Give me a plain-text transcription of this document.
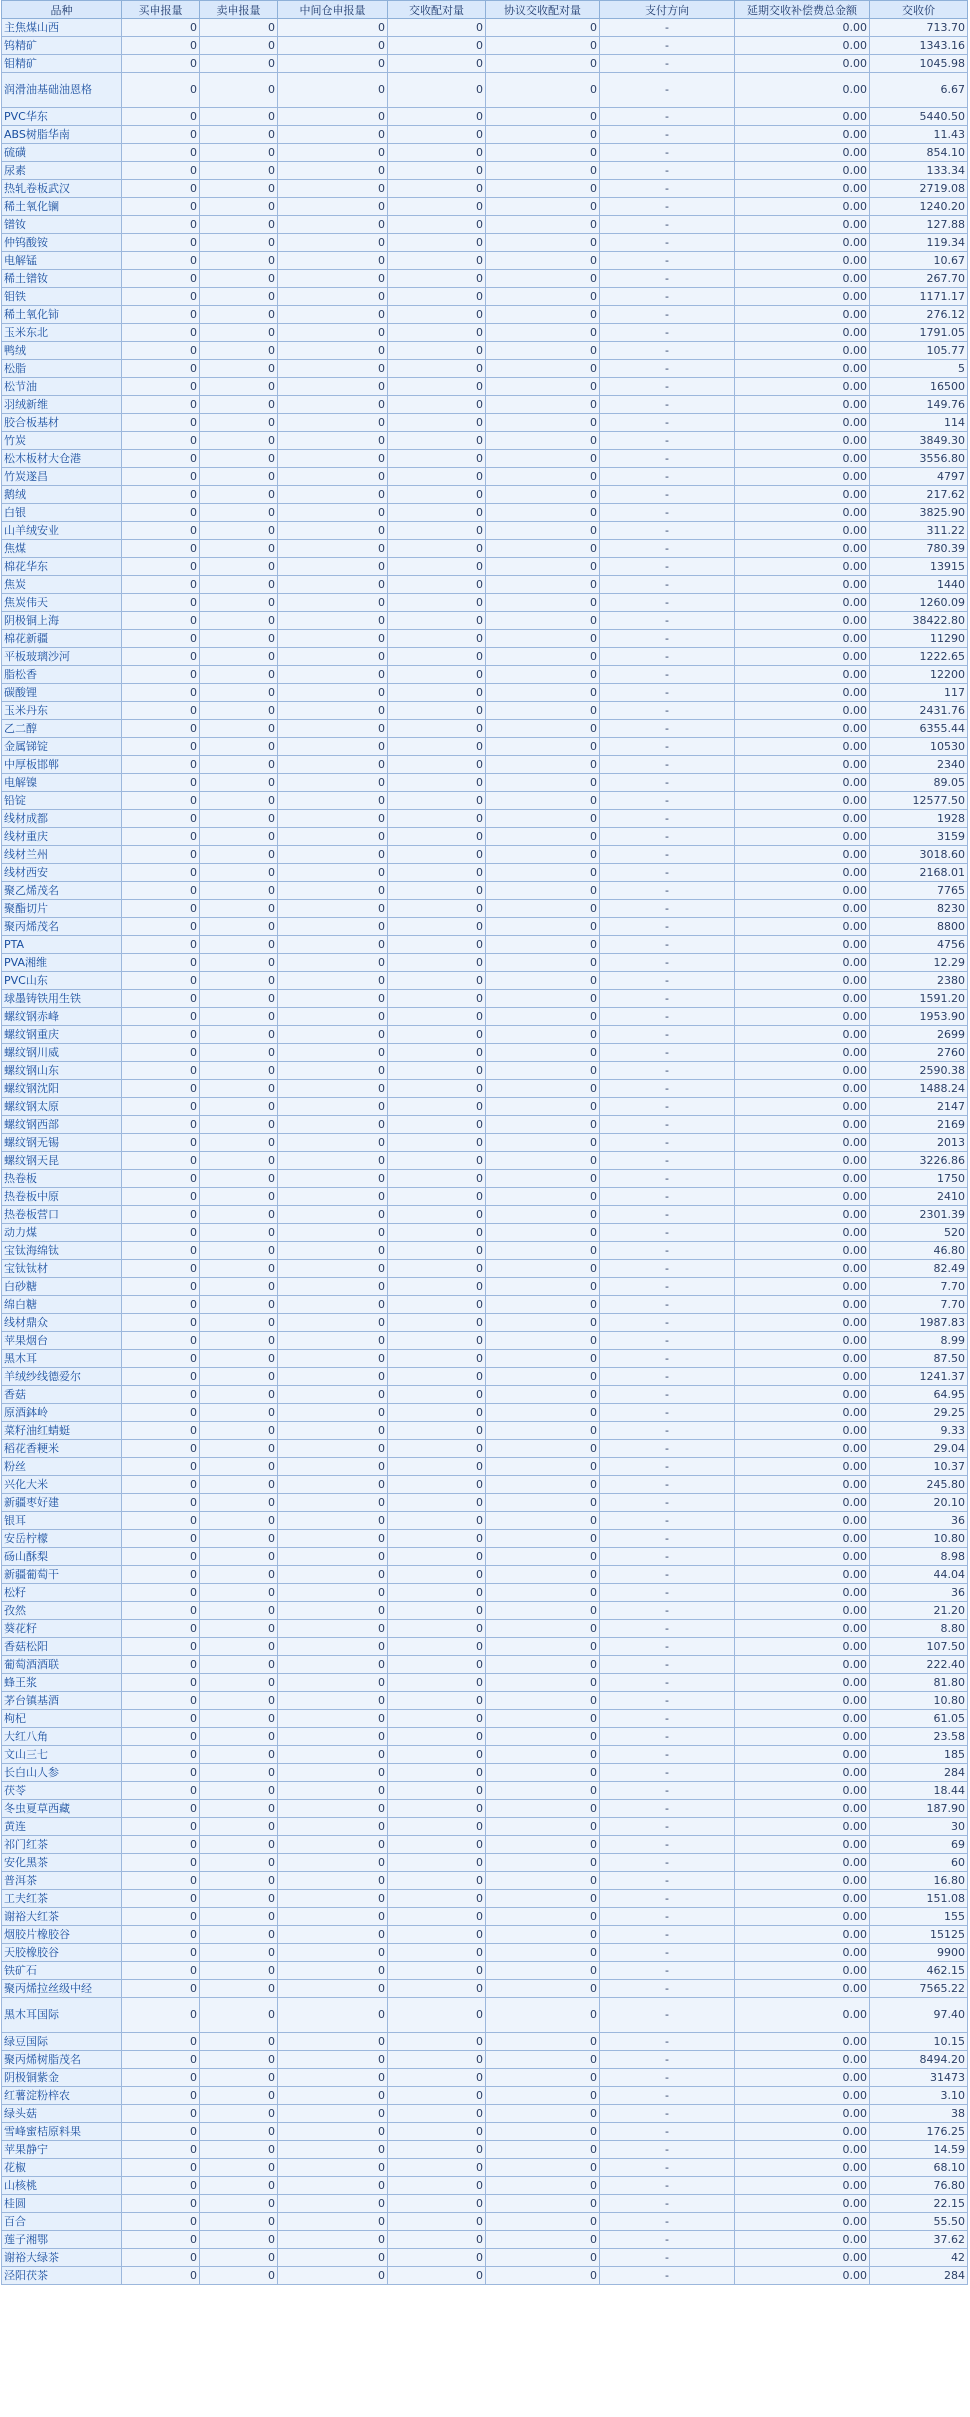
品种	买申报量	卖申报量	中间仓申报量	交收配对量	协议交收配对量	支付方向	延期交收补偿费总金额	交收价
主焦煤山西	0	0	0	0	0	-	0.00	713.70
钨精矿	0	0	0	0	0	-	0.00	1343.16
钼精矿	0	0	0	0	0	-	0.00	1045.98
润滑油基础油恩格	0	0	0	0	0	-	0.00	6.67
PVC华东	0	0	0	0	0	-	0.00	5440.50
ABS树脂华南	0	0	0	0	0	-	0.00	11.43
硫磺	0	0	0	0	0	-	0.00	854.10
尿素	0	0	0	0	0	-	0.00	133.34
热轧卷板武汉	0	0	0	0	0	-	0.00	2719.08
稀土氧化镧	0	0	0	0	0	-	0.00	1240.20
镨钕	0	0	0	0	0	-	0.00	127.88
仲钨酸铵	0	0	0	0	0	-	0.00	119.34
电解锰	0	0	0	0	0	-	0.00	10.67
稀土镨钕	0	0	0	0	0	-	0.00	267.70
钼铁	0	0	0	0	0	-	0.00	1171.17
稀土氧化铈	0	0	0	0	0	-	0.00	276.12
玉米东北	0	0	0	0	0	-	0.00	1791.05
鸭绒	0	0	0	0	0	-	0.00	105.77
松脂	0	0	0	0	0	-	0.00	5
松节油	0	0	0	0	0	-	0.00	16500
羽绒新维	0	0	0	0	0	-	0.00	149.76
胶合板基材	0	0	0	0	0	-	0.00	114
竹炭	0	0	0	0	0	-	0.00	3849.30
松木板材大仓港	0	0	0	0	0	-	0.00	3556.80
竹炭遂昌	0	0	0	0	0	-	0.00	4797
鹅绒	0	0	0	0	0	-	0.00	217.62
白银	0	0	0	0	0	-	0.00	3825.90
山羊绒安业	0	0	0	0	0	-	0.00	311.22
焦煤	0	0	0	0	0	-	0.00	780.39
棉花华东	0	0	0	0	0	-	0.00	13915
焦炭	0	0	0	0	0	-	0.00	1440
焦炭伟天	0	0	0	0	0	-	0.00	1260.09
阴极铜上海	0	0	0	0	0	-	0.00	38422.80
棉花新疆	0	0	0	0	0	-	0.00	11290
平板玻璃沙河	0	0	0	0	0	-	0.00	1222.65
脂松香	0	0	0	0	0	-	0.00	12200
碳酸锂	0	0	0	0	0	-	0.00	117
玉米丹东	0	0	0	0	0	-	0.00	2431.76
乙二醇	0	0	0	0	0	-	0.00	6355.44
金属锑锭	0	0	0	0	0	-	0.00	10530
中厚板邯郸	0	0	0	0	0	-	0.00	2340
电解镍	0	0	0	0	0	-	0.00	89.05
铅锭	0	0	0	0	0	-	0.00	12577.50
线材成都	0	0	0	0	0	-	0.00	1928
线材重庆	0	0	0	0	0	-	0.00	3159
线材兰州	0	0	0	0	0	-	0.00	3018.60
线材西安	0	0	0	0	0	-	0.00	2168.01
聚乙烯茂名	0	0	0	0	0	-	0.00	7765
聚酯切片	0	0	0	0	0	-	0.00	8230
聚丙烯茂名	0	0	0	0	0	-	0.00	8800
PTA	0	0	0	0	0	-	0.00	4756
PVA湘维	0	0	0	0	0	-	0.00	12.29
PVC山东	0	0	0	0	0	-	0.00	2380
球墨铸铁用生铁	0	0	0	0	0	-	0.00	1591.20
螺纹钢赤峰	0	0	0	0	0	-	0.00	1953.90
螺纹钢重庆	0	0	0	0	0	-	0.00	2699
螺纹钢川威	0	0	0	0	0	-	0.00	2760
螺纹钢山东	0	0	0	0	0	-	0.00	2590.38
螺纹钢沈阳	0	0	0	0	0	-	0.00	1488.24
螺纹钢太原	0	0	0	0	0	-	0.00	2147
螺纹钢西部	0	0	0	0	0	-	0.00	2169
螺纹钢无锡	0	0	0	0	0	-	0.00	2013
螺纹钢天昆	0	0	0	0	0	-	0.00	3226.86
热卷板	0	0	0	0	0	-	0.00	1750
热卷板中原	0	0	0	0	0	-	0.00	2410
热卷板营口	0	0	0	0	0	-	0.00	2301.39
动力煤	0	0	0	0	0	-	0.00	520
宝钛海绵钛	0	0	0	0	0	-	0.00	46.80
宝钛钛材	0	0	0	0	0	-	0.00	82.49
白砂糖	0	0	0	0	0	-	0.00	7.70
绵白糖	0	0	0	0	0	-	0.00	7.70
线材鼎众	0	0	0	0	0	-	0.00	1987.83
苹果烟台	0	0	0	0	0	-	0.00	8.99
黑木耳	0	0	0	0	0	-	0.00	87.50
羊绒纱线德爱尔	0	0	0	0	0	-	0.00	1241.37
香菇	0	0	0	0	0	-	0.00	64.95
原酒鉢岭	0	0	0	0	0	-	0.00	29.25
菜籽油红蜻蜓	0	0	0	0	0	-	0.00	9.33
稻花香粳米	0	0	0	0	0	-	0.00	29.04
粉丝	0	0	0	0	0	-	0.00	10.37
兴化大米	0	0	0	0	0	-	0.00	245.80
新疆枣好建	0	0	0	0	0	-	0.00	20.10
银耳	0	0	0	0	0	-	0.00	36
安岳柠檬	0	0	0	0	0	-	0.00	10.80
砀山酥梨	0	0	0	0	0	-	0.00	8.98
新疆葡萄干	0	0	0	0	0	-	0.00	44.04
松籽	0	0	0	0	0	-	0.00	36
孜然	0	0	0	0	0	-	0.00	21.20
葵花籽	0	0	0	0	0	-	0.00	8.80
香菇松阳	0	0	0	0	0	-	0.00	107.50
葡萄酒酒联	0	0	0	0	0	-	0.00	222.40
蜂王浆	0	0	0	0	0	-	0.00	81.80
茅台镇基酒	0	0	0	0	0	-	0.00	10.80
枸杞	0	0	0	0	0	-	0.00	61.05
大红八角	0	0	0	0	0	-	0.00	23.58
文山三七	0	0	0	0	0	-	0.00	185
长白山人参	0	0	0	0	0	-	0.00	284
茯苓	0	0	0	0	0	-	0.00	18.44
冬虫夏草西藏	0	0	0	0	0	-	0.00	187.90
黄连	0	0	0	0	0	-	0.00	30
祁门红茶	0	0	0	0	0	-	0.00	69
安化黑茶	0	0	0	0	0	-	0.00	60
普洱茶	0	0	0	0	0	-	0.00	16.80
工夫红茶	0	0	0	0	0	-	0.00	151.08
谢裕大红茶	0	0	0	0	0	-	0.00	155
烟胶片橡胶谷	0	0	0	0	0	-	0.00	15125
天胶橡胶谷	0	0	0	0	0	-	0.00	9900
铁矿石	0	0	0	0	0	-	0.00	462.15
聚丙烯拉丝级中经	0	0	0	0	0	-	0.00	7565.22
黑木耳国际	0	0	0	0	0	-	0.00	97.40
绿豆国际	0	0	0	0	0	-	0.00	10.15
聚丙烯树脂茂名	0	0	0	0	0	-	0.00	8494.20
阴极铜紫金	0	0	0	0	0	-	0.00	31473
红薯淀粉梓农	0	0	0	0	0	-	0.00	3.10
绿头菇	0	0	0	0	0	-	0.00	38
雪峰蜜桔原料果	0	0	0	0	0	-	0.00	176.25
苹果静宁	0	0	0	0	0	-	0.00	14.59
花椒	0	0	0	0	0	-	0.00	68.10
山核桃	0	0	0	0	0	-	0.00	76.80
桂圆	0	0	0	0	0	-	0.00	22.15
百合	0	0	0	0	0	-	0.00	55.50
莲子湘鄂	0	0	0	0	0	-	0.00	37.62
谢裕大绿茶	0	0	0	0	0	-	0.00	42
泾阳茯茶	0	0	0	0	0	-	0.00	284
